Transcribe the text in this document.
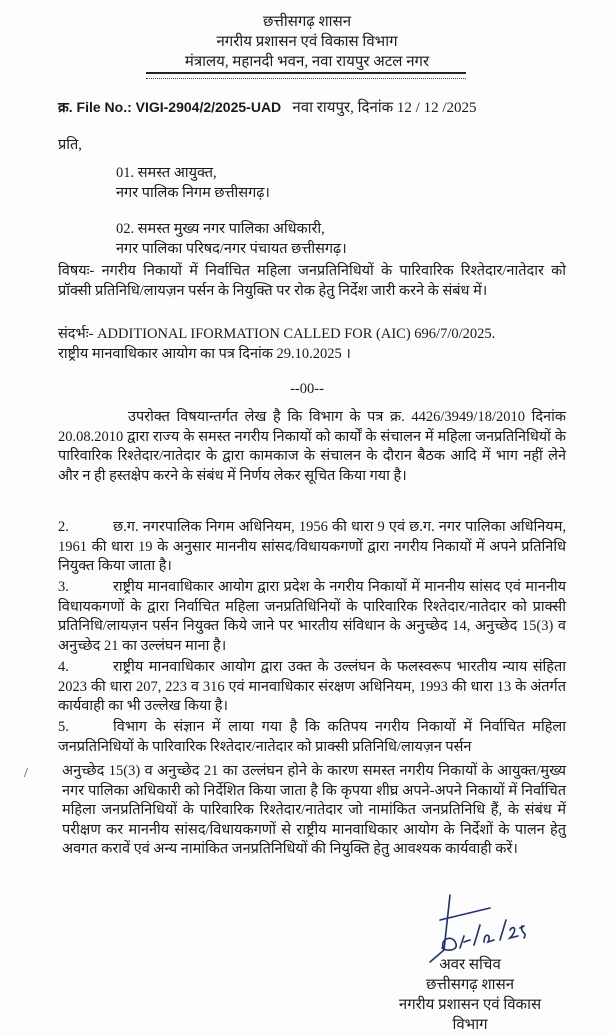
छत्तीसगढ़ शासन
नगरीय प्रशासन एवं विकास विभाग
मंत्रालय, महानदी भवन, नवा रायपुर अटल नगर
क्र. File No.: VIGI-2904/2/2025-UAD नवा रायपुर, दिनांक 12 / 12 /2025
प्रति,
01. समस्त आयुक्त,
नगर पालिक निगम छत्तीसगढ़।
02. समस्त मुख्य नगर पालिका अधिकारी,
नगर पालिका परिषद/नगर पंचायत छत्तीसगढ़।
विषयः- नगरीय निकायों में निर्वाचित महिला जनप्रतिनिधियों के पारिवारिक रिश्तेदार/नातेदार को प्रॉक्सी प्रतिनिधि/लायज़न पर्सन के नियुक्ति पर रोक हेतु निर्देश जारी करने के संबंध में।
संदर्भः- ADDITIONAL IFORMATION CALLED FOR (AIC) 696/7/0/2025.
राष्ट्रीय मानवाधिकार आयोग का पत्र दिनांक 29.10.2025 ।
--00--
उपरोक्त विषयान्तर्गत लेख है कि विभाग के पत्र क्र. 4426/3949/18/2010 दिनांक 20.08.2010 द्वारा राज्य के समस्त नगरीय निकायों को कार्यों के संचालन में महिला जनप्रतिनिधियों के पारिवारिक रिश्तेदार/नातेदार के द्वारा कामकाज के संचालन के दौरान बैठक आदि में भाग नहीं लेने और न ही हस्तक्षेप करने के संबंध में निर्णय लेकर सूचित किया गया है।
2.	छ.ग. नगरपालिक निगम अधिनियम, 1956 की धारा 9 एवं छ.ग. नगर पालिका अधिनियम, 1961 की धारा 19 के अनुसार माननीय सांसद/विधायकगणों द्वारा नगरीय निकायों में अपने प्रतिनिधि नियुक्त किया जाता है।
3.	राष्ट्रीय मानवाधिकार आयोग द्वारा प्रदेश के नगरीय निकायों में माननीय सांसद एवं माननीय विधायकगणों के द्वारा निर्वाचित महिला जनप्रतिधिनियों के पारिवारिक रिश्तेदार/नातेदार को प्राक्सी प्रतिनिधि/लायज़न पर्सन नियुक्त किये जाने पर भारतीय संविधान के अनुच्छेद 14, अनुच्छेद 15(3) व अनुच्छेद 21 का उल्लंघन माना है।
4.	राष्ट्रीय मानवाधिकार आयोग द्वारा उक्त के उल्लंघन के फलस्वरूप भारतीय न्याय संहिता 2023 की धारा 207, 223 व 316 एवं मानवाधिकार संरक्षण अधिनियम, 1993 की धारा 13 के अंतर्गत कार्यवाही का भी उल्लेख किया है।
5.	विभाग के संज्ञान में लाया गया है कि कतिपय नगरीय निकायों में निर्वाचित महिला जनप्रतिनिधियों के पारिवारिक रिश्तेदार/नातेदार को प्राक्सी प्रतिनिधि/लायज़न पर्सन
/ अनुच्छेद 15(3) व अनुच्छेद 21 का उल्लंघन होने के कारण समस्त नगरीय निकायों के आयुक्त/मुख्य नगर पालिका अधिकारी को निर्देशित किया जाता है कि कृपया शीघ्र अपने-अपने निकायों में निर्वाचित महिला जनप्रतिनिधियों के पारिवारिक रिश्तेदार/नातेदार जो नामांकित जनप्रतिनिधि हैं, के संबंध में परीक्षण कर माननीय सांसद/विधायकगणों से राष्ट्रीय मानवाधिकार आयोग के निर्देशों के पालन हेतु अवगत करावें एवं अन्य नामांकित जनप्रतिनिधियों की नियुक्ति हेतु आवश्यक कार्यवाही करें।
अवर सचिव
छत्तीसगढ़ शासन
नगरीय प्रशासन एवं विकास विभाग
